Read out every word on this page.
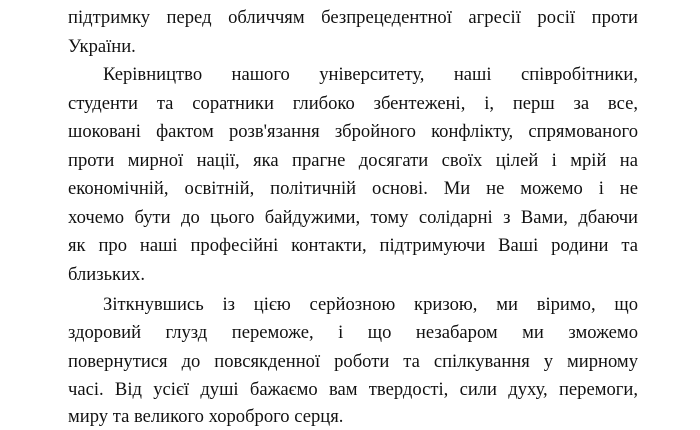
підтримку перед обличчям безпрецедентної агресії росії проти

України.

Керівництво нашого університету, наші співробітники,

студенти та соратники глибоко збентежені, і, перш за все,

шоковані фактом розв'язання збройного конфлікту, спрямованого

проти мирної нації, яка прагне досягати своїх цілей і мрій на

економічній, освітній, політичній основі. Ми не можемо і не

хочемо бути до цього байдужими, тому солідарні з Вами, дбаючи

як про наші професійні контакти, підтримуючи Ваші родини та

близьких.

Зіткнувшись із цією серйозною кризою, ми віримо, що

здоровий глузд переможе, і що незабаром ми зможемо

повернутися до повсякденної роботи та спілкування у мирному

часі. Від усієї душі бажаємо вам твердості, сили духу, перемоги,

миру та великого хороброго серця.
